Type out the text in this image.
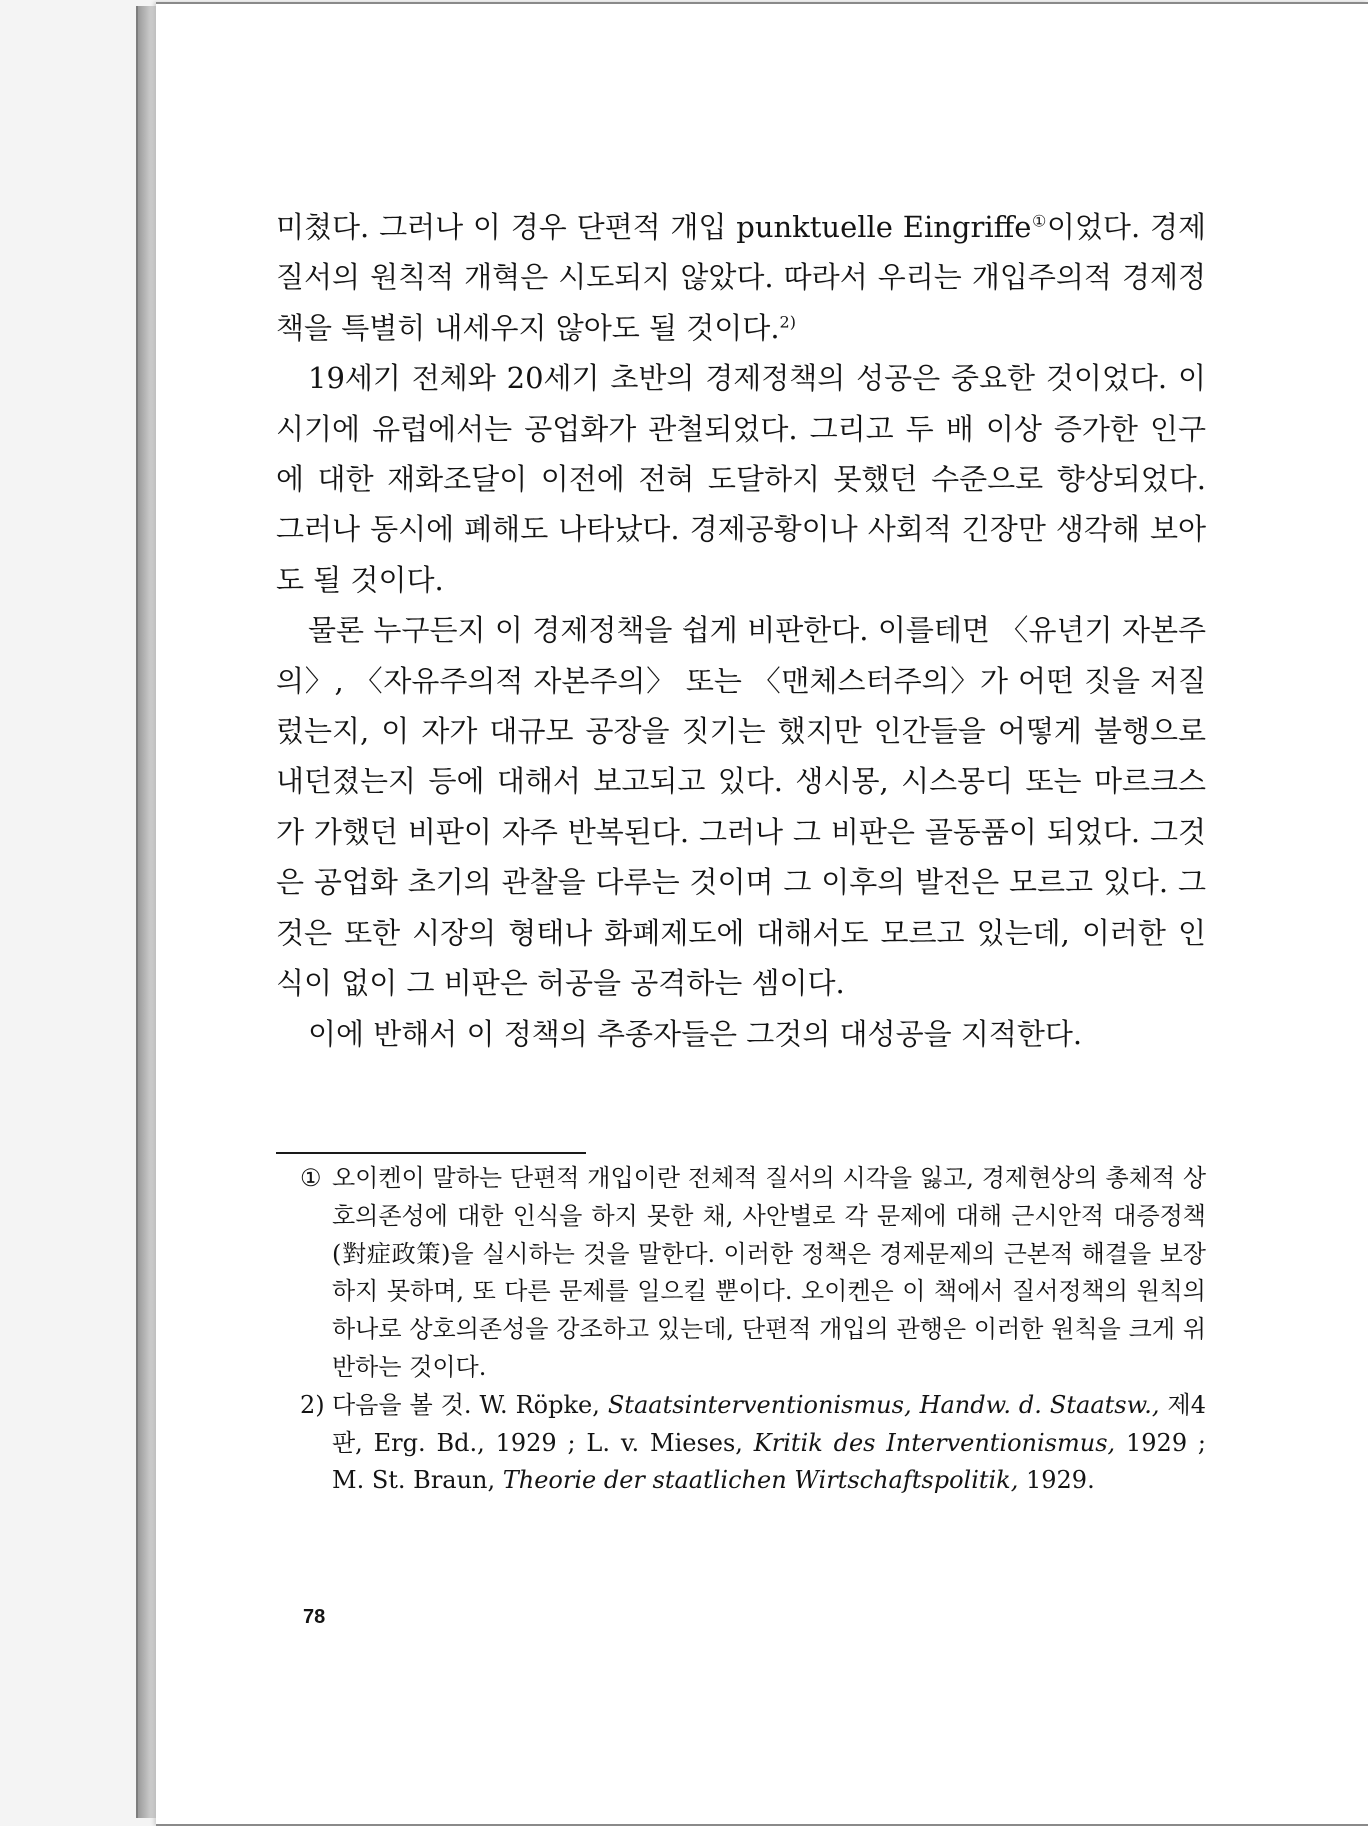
미쳤다. 그러나 이 경우 단편적 개입 punktuelle Eingriffe①이었다. 경제질서의 원칙적 개혁은 시도되지 않았다. 따라서 우리는 개입주의적 경제정책을 특별히 내세우지 않아도 될 것이다.$^{2)}$

19세기 전체와 20세기 초반의 경제정책의 성공은 중요한 것이었다. 이 시기에 유럽에서는 공업화가 관철되었다. 그리고 두 배 이상 증가한 인구에 대한 재화조달이 이전에 전혀 도달하지 못했던 수준으로 향상되었다. 그러나 동시에 폐해도 나타났다. 경제공황이나 사회적 긴장만 생각해 보아도 될 것이다.

물론 누구든지 이 경제정책을 쉽게 비판한다. 이를테면 〈유년기 자본주의〉, 〈자유주의적 자본주의〉 또는 〈맨체스터주의〉가 어떤 짓을 저질렀는지, 이 자가 대규모 공장을 짓기는 했지만 인간들을 어떻게 불행으로 내던졌는지 등에 대해서 보고되고 있다. 생시몽, 시스몽디 또는 마르크스가 가했던 비판이 자주 반복된다. 그러나 그 비판은 골동품이 되었다. 그것은 공업화 초기의 관찰을 다루는 것이며 그 이후의 발전은 모르고 있다. 그것은 또한 시장의 형태나 화폐제도에 대해서도 모르고 있는데, 이러한 인식이 없이 그 비판은 허공을 공격하는 셈이다.

이에 반해서 이 정책의 추종자들은 그것의 대성공을 지적한다.

① 오이켄이 말하는 단편적 개입이란 전체적 질서의 시각을 잃고, 경제현상의 총체적 상호의존성에 대한 인식을 하지 못한 채, 사안별로 각 문제에 대해 근시안적 대증정책(對症政策)을 실시하는 것을 말한다. 이러한 정책은 경제문제의 근본적 해결을 보장하지 못하며, 또 다른 문제를 일으킬 뿐이다. 오이켄은 이 책에서 질서정책의 원칙의 하나로 상호의존성을 강조하고 있는데, 단편적 개입의 관행은 이러한 원칙을 크게 위반하는 것이다.

2) 다음을 볼 것. W. Röpke, Staatsinterventionismus, Handw. d. Staatsw., 제4판, Erg. Bd., 1929 ; L. v. Mieses, Kritik des Interventionismus, 1929 ; M. St. Braun, Theorie der staatlichen Wirtschaftspolitik, 1929.

78
